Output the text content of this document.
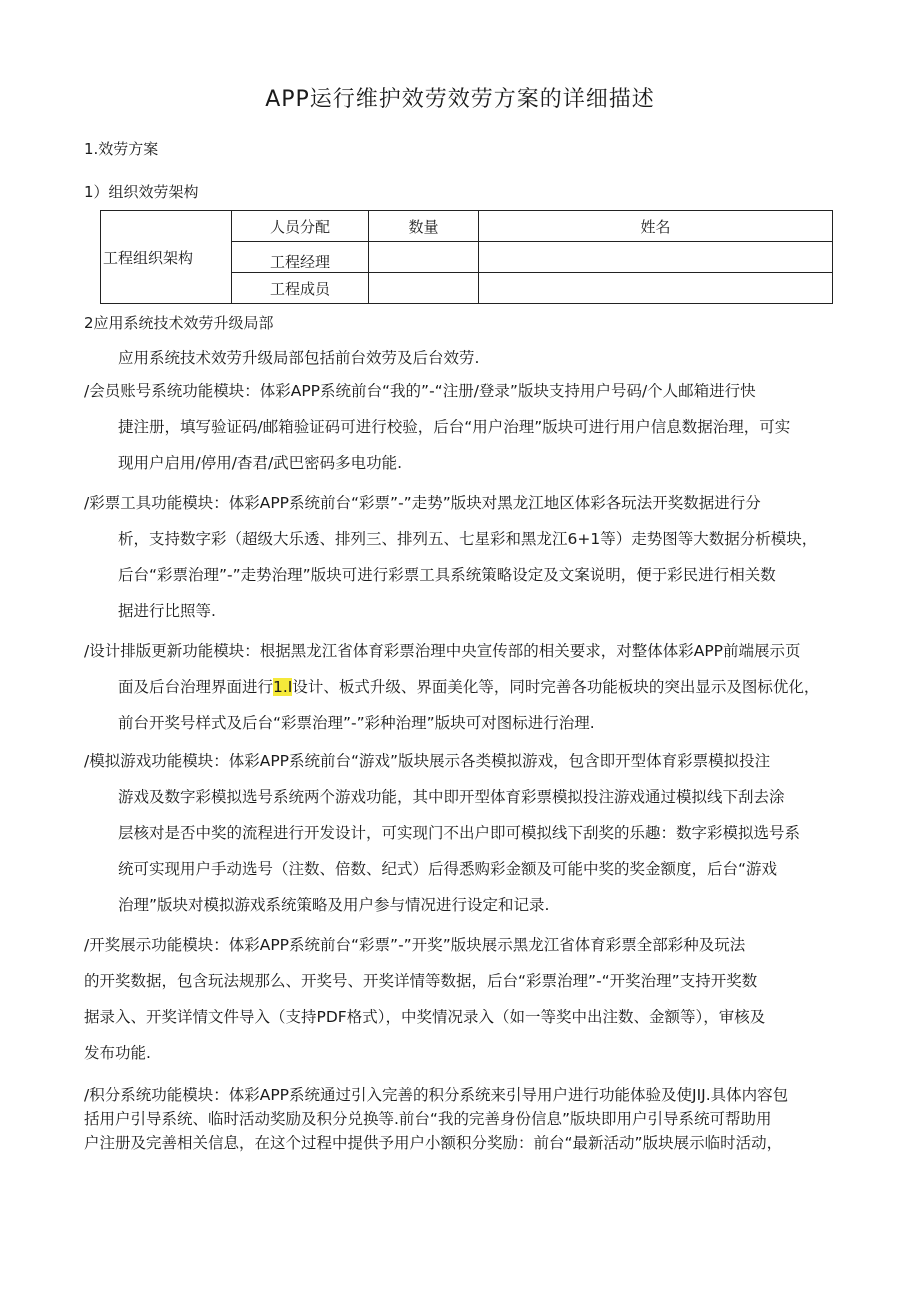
APP运行维护效劳效劳方案的详细描述
1.效劳方案
1）组织效劳架构
工程组织架构	人员分配	数量	姓名
	工程经理		
	工程成员		
2应用系统技术效劳升级局部
应用系统技术效劳升级局部包括前台效劳及后台效劳.
/会员账号系统功能模块：体彩APP系统前台“我的”-“注册/登录”版块支持用户号码/个人邮箱进行快
捷注册，填写验证码/邮箱验证码可进行校验，后台“用户治理”版块可进行用户信息数据治理，可实
现用户启用/停用/杳君/武巴密码多电功能.
/彩票工具功能模块：体彩APP系统前台“彩票”-”走势”版块对黑龙江地区体彩各玩法开奖数据进行分
析，支持数字彩（超级大乐透、排列三、排列五、七星彩和黑龙江6+1等）走势图等大数据分析模块，
后台“彩票治理”-”走势治理”版块可进行彩票工具系统策略设定及文案说明，便于彩民进行相关数
据进行比照等.
/设计排版更新功能模块：根据黑龙江省体育彩票治理中央宣传部的相关要求，对整体体彩APP前端展示页
面及后台治理界面进行1.I设计、板式升级、界面美化等，同时完善各功能板块的突出显示及图标优化，
前台开奖号样式及后台“彩票治理”-”彩种治理”版块可对图标进行治理.
/模拟游戏功能模块：体彩APP系统前台“游戏”版块展示各类模拟游戏，包含即开型体育彩票模拟投注
游戏及数字彩模拟选号系统两个游戏功能，其中即开型体育彩票模拟投注游戏通过模拟线下刮去涂
层核对是否中奖的流程进行开发设计，可实现门不出户即可模拟线下刮奖的乐趣：数字彩模拟选号系
统可实现用户手动选号（注数、倍数、纪式）后得悉购彩金额及可能中奖的奖金额度，后台“游戏
治理”版块对模拟游戏系统策略及用户参与情况进行设定和记录.
/开奖展示功能模块：体彩APP系统前台“彩票”-”开奖”版块展示黑龙江省体育彩票全部彩种及玩法
的开奖数据，包含玩法规那么、开奖号、开奖详情等数据，后台“彩票治理”-“开奖治理”支持开奖数
据录入、开奖详情文件导入（支持PDF格式），中奖情况录入（如一等奖中出注数、金额等），审核及
发布功能.
/积分系统功能模块：体彩APP系统通过引入完善的积分系统来引导用户进行功能体验及使JIJ.具体内容包
括用户引导系统、临时活动奖励及积分兑换等.前台“我的完善身份信息”版块即用户引导系统可帮助用
户注册及完善相关信息，在这个过程中提供予用户小额积分奖励：前台“最新活动”版块展示临时活动，
